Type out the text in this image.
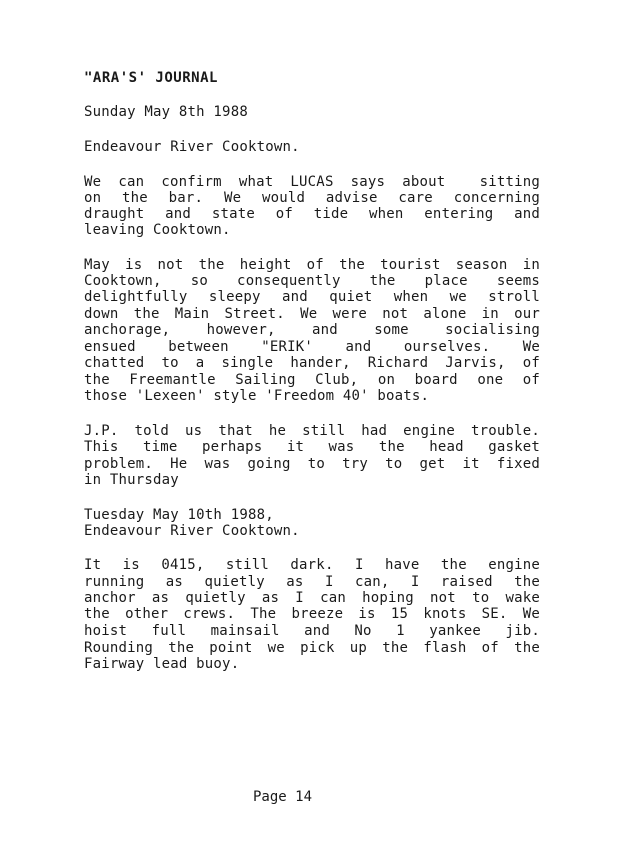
"ARA'S' JOURNAL
Sunday May 8th 1988
Endeavour River Cooktown.
We can confirm what LUCAS says about  sitting
on the bar. We would advise care concerning
draught and state of tide when entering and
leaving Cooktown.
May is not the height of the tourist season in
Cooktown, so consequently the place seems
delightfully sleepy and quiet when we stroll
down the Main Street. We were not alone in our
anchorage, however, and some socialising
ensued between "ERIK' and ourselves. We
chatted to a single hander, Richard Jarvis, of
the Freemantle Sailing Club, on board one of
those 'Lexeen' style 'Freedom 40' boats.
J.P. told us that he still had engine trouble.
This time perhaps it was the head gasket
problem. He was going to try to get it fixed
in Thursday
Tuesday May 10th 1988,
Endeavour River Cooktown.
It is 0415, still dark. I have the engine
running as quietly as I can, I raised the
anchor as quietly as I can hoping not to wake
the other crews. The breeze is 15 knots SE. We
hoist full mainsail and No 1 yankee jib.
Rounding the point we pick up the flash of the
Fairway lead buoy.
Page 14
